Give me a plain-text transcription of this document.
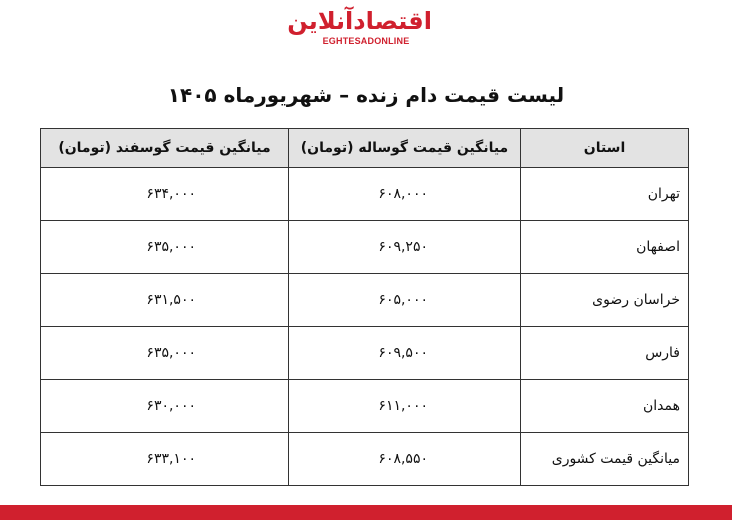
اقتصادآنلاین
EGHTESADONLINE
لیست قیمت دام زنده – شهریورماه ۱۴۰۵
استان	میانگین قیمت گوساله (تومان)	میانگین قیمت گوسفند (تومان)
تهران	۶۰۸,۰۰۰	۶۳۴,۰۰۰
اصفهان	۶۰۹,۲۵۰	۶۳۵,۰۰۰
خراسان رضوی	۶۰۵,۰۰۰	۶۳۱,۵۰۰
فارس	۶۰۹,۵۰۰	۶۳۵,۰۰۰
همدان	۶۱۱,۰۰۰	۶۳۰,۰۰۰
میانگین قیمت کشوری	۶۰۸,۵۵۰	۶۳۳,۱۰۰
